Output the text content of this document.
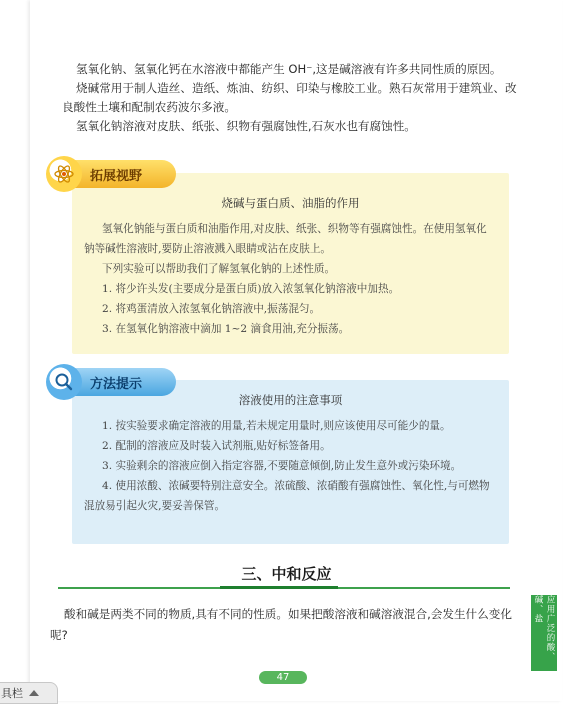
氢氧化钠、氢氧化钙在水溶液中都能产生 OH⁻,这是碱溶液有许多共同性质的原因。

烧碱常用于制人造丝、造纸、炼油、纺织、印染与橡胶工业。熟石灰常用于建筑业、改良酸性土壤和配制农药波尔多液。

氢氧化钠溶液对皮肤、纸张、织物有强腐蚀性,石灰水也有腐蚀性。

烧碱与蛋白质、油脂的作用

氢氧化钠能与蛋白质和油脂作用,对皮肤、纸张、织物等有强腐蚀性。在使用氢氧化钠等碱性溶液时,要防止溶液溅入眼睛或沾在皮肤上。

下列实验可以帮助我们了解氢氧化钠的上述性质。

1. 将少许头发(主要成分是蛋白质)放入浓氢氧化钠溶液中加热。

2. 将鸡蛋清放入浓氢氧化钠溶液中,振荡混匀。

3. 在氢氧化钠溶液中滴加 1~2 滴食用油,充分振荡。

拓展视野
溶液使用的注意事项

1. 按实验要求确定溶液的用量,若未规定用量时,则应该使用尽可能少的量。

2. 配制的溶液应及时装入试剂瓶,贴好标签备用。

3. 实验剩余的溶液应倒入指定容器,不要随意倾倒,防止发生意外或污染环境。

4. 使用浓酸、浓碱要特别注意安全。浓硫酸、浓硝酸有强腐蚀性、氧化性,与可燃物混放易引起火灾,要妥善保管。

方法提示
三、中和反应

酸和碱是两类不同的物质,具有不同的性质。如果把酸溶液和碱溶液混合,会发生什么变化呢?	应用广泛的酸、碱、盐
47
具栏
